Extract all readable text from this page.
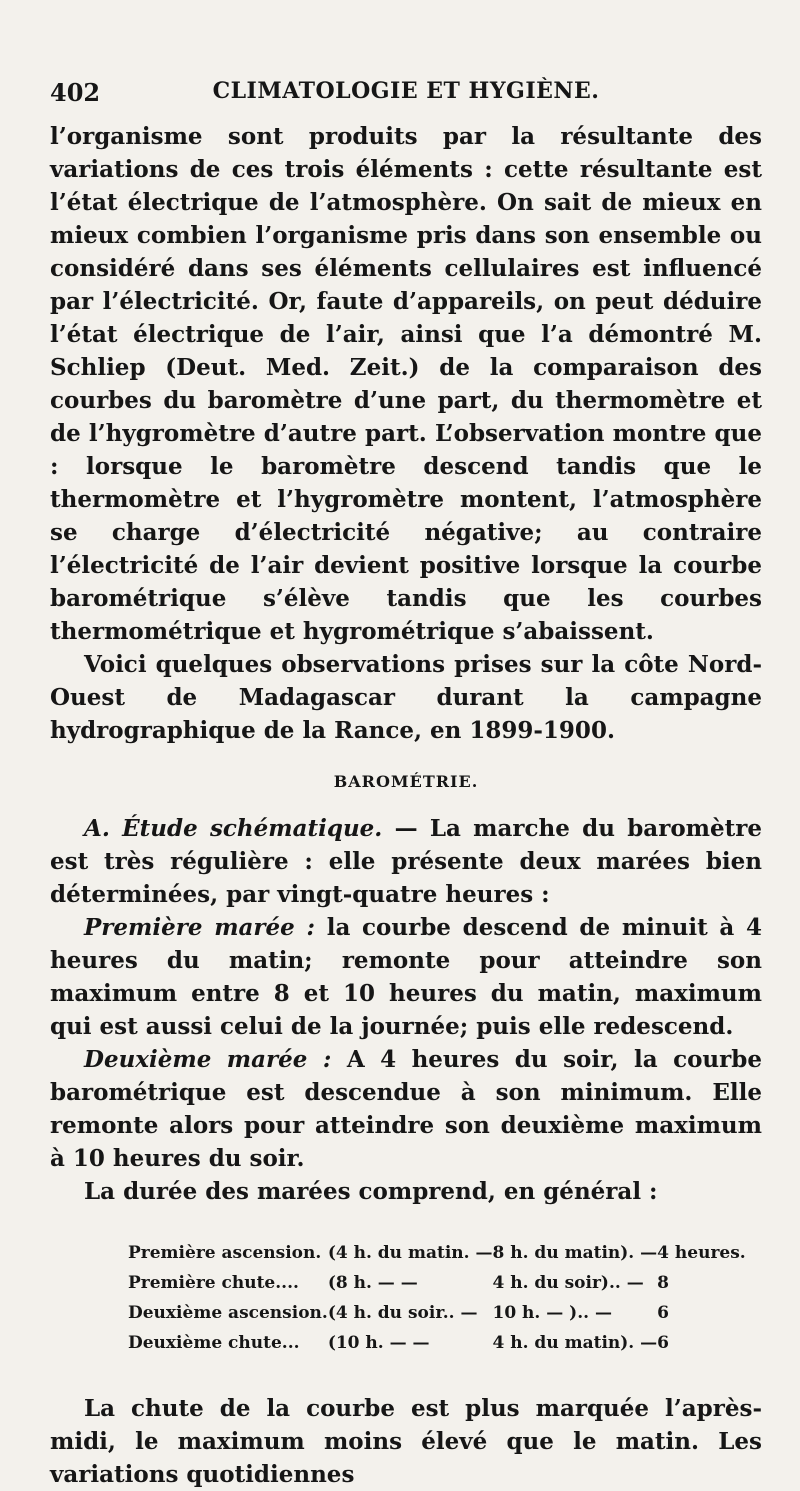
402	CLIMATOLOGIE ET HYGIÈNE.

l’organisme sont produits par la résultante des variations de ces trois éléments : cette résultante est l’état électrique de l’atmosphère. On sait de mieux en mieux combien l’organisme pris dans son ensemble ou considéré dans ses éléments cellulaires est influencé par l’électricité. Or, faute d’appareils, on peut déduire l’état électrique de l’air, ainsi que l’a démontré M. Schliep (Deut. Med. Zeit.) de la comparaison des courbes du baromètre d’une part, du thermomètre et de l’hygromètre d’autre part. L’observation montre que : lorsque le baromètre descend tandis que le thermomètre et l’hygromètre montent, l’atmosphère se charge d’électricité négative; au contraire l’électricité de l’air devient positive lorsque la courbe barométrique s’élève tandis que les courbes thermométrique et hygrométrique s’abaissent.

Voici quelques observations prises sur la côte Nord-Ouest de Madagascar durant la campagne hydrographique de la Rance, en 1899-1900.

BAROMÉTRIE.

A. Étude schématique. — La marche du baromètre est très régulière : elle présente deux marées bien déterminées, par vingt-quatre heures :

Première marée : la courbe descend de minuit à 4 heures du matin; remonte pour atteindre son maximum entre 8 et 10 heures du matin, maximum qui est aussi celui de la journée; puis elle redescend.

Deuxième marée : A 4 heures du soir, la courbe barométrique est descendue à son minimum. Elle remonte alors pour atteindre son deuxième maximum à 10 heures du soir.

La durée des marées comprend, en général :

Première ascension.	(4 h. du matin. —	8 h. du matin). —	4 heures.
Première chute....	(8 h. — —	4 h. du soir).. —	8
Deuxième ascension.	(4 h. du soir.. —	10 h. — ).. —	6
Deuxième chute...	(10 h. — —	4 h. du matin). —	6

La chute de la courbe est plus marquée l’après-midi, le maximum moins élevé que le matin. Les variations quotidiennes
